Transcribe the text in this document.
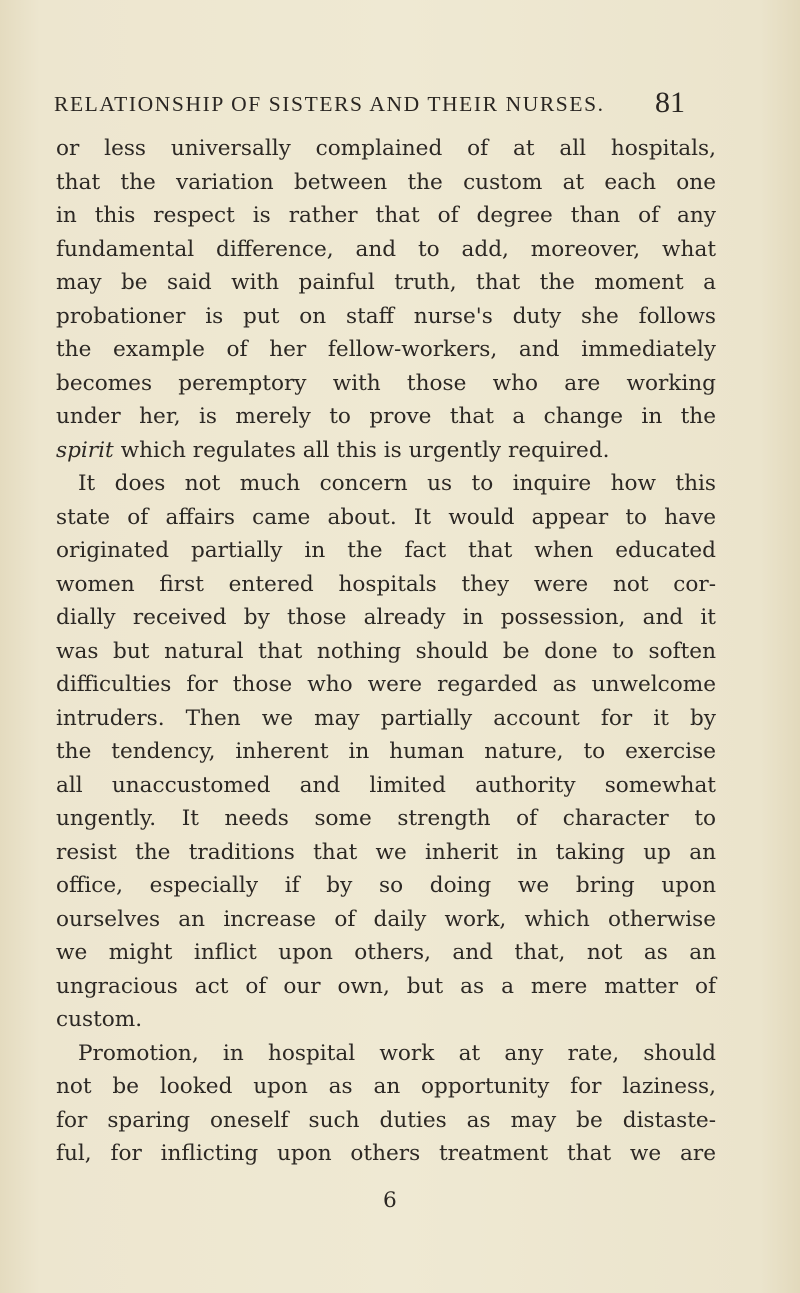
RELATIONSHIP OF SISTERS AND THEIR NURSES. 81
or less universally complained of at all hospitals,
that the variation between the custom at each one
in this respect is rather that of degree than of any
fundamental difference, and to add, moreover, what
may be said with painful truth, that the moment a
probationer is put on staff nurse's duty she follows
the example of her fellow-workers, and immediately
becomes peremptory with those who are working
under her, is merely to prove that a change in the
spirit which regulates all this is urgently required.
It does not much concern us to inquire how this
state of affairs came about. It would appear to have
originated partially in the fact that when educated
women first entered hospitals they were not cor-
dially received by those already in possession, and it
was but natural that nothing should be done to soften
difficulties for those who were regarded as unwelcome
intruders. Then we may partially account for it by
the tendency, inherent in human nature, to exercise
all unaccustomed and limited authority somewhat
ungently. It needs some strength of character to
resist the traditions that we inherit in taking up an
office, especially if by so doing we bring upon
ourselves an increase of daily work, which otherwise
we might inflict upon others, and that, not as an
ungracious act of our own, but as a mere matter of
custom.
Promotion, in hospital work at any rate, should
not be looked upon as an opportunity for laziness,
for sparing oneself such duties as may be distaste-
ful, for inflicting upon others treatment that we are
6
